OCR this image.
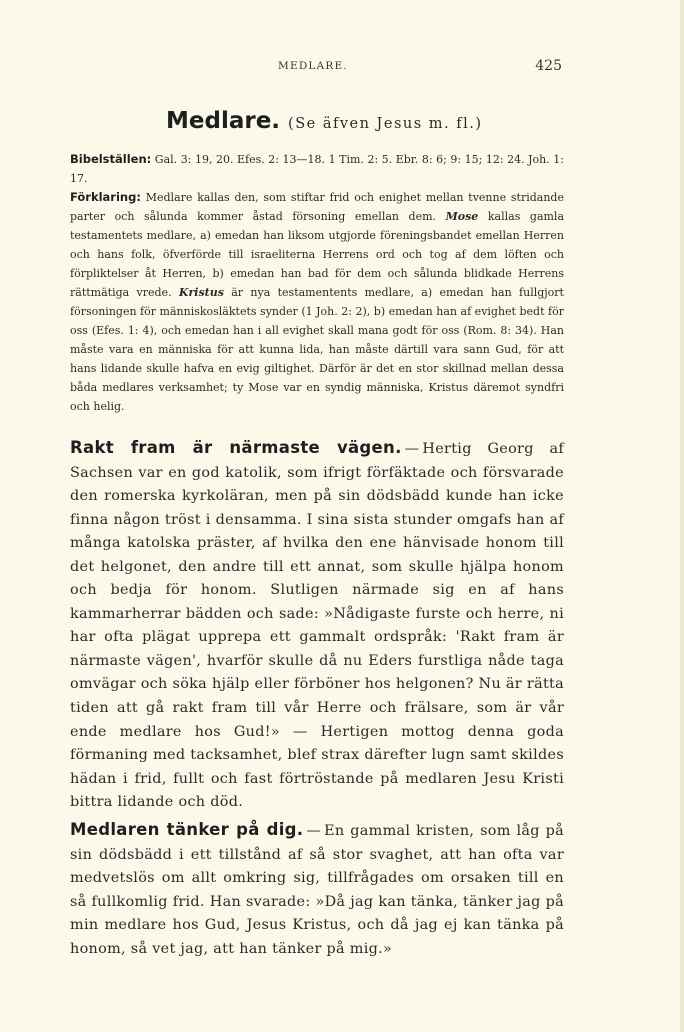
MEDLARE.	425
Medlare. (Se äfven Jesus m. fl.)

Bibelställen: Gal. 3: 19, 20. Efes. 2: 13—18. 1 Tim. 2: 5. Ebr. 8: 6; 9: 15; 12: 24. Joh. 1: 17.

Förklaring: Medlare kallas den, som stiftar frid och enighet mellan tvenne stridande parter och sålunda kommer åstad försoning emellan dem. Mose kallas gamla testamentets medlare, a) emedan han liksom utgjorde föreningsbandet emellan Herren och hans folk, öfverförde till israeliterna Herrens ord och tog af dem löften och förpliktelser åt Herren, b) emedan han bad för dem och sålunda blidkade Herrens rättmätiga vrede. Kristus är nya testamentents medlare, a) emedan han fullgjort försoningen för människosläktets synder (1 Joh. 2: 2), b) emedan han af evighet bedt för oss (Efes. 1: 4), och emedan han i all evighet skall mana godt för oss (Rom. 8: 34). Han måste vara en människa för att kunna lida, han måste därtill vara sann Gud, för att hans lidande skulle hafva en evig giltighet. Därför är det en stor skillnad mellan dessa båda medlares verksamhet; ty Mose var en syndig människa, Kristus däremot syndfri och helig.

Rakt fram är närmaste vägen. — Hertig Georg af Sachsen var en god katolik, som ifrigt förfäktade och försvarade den romerska kyrkoläran, men på sin dödsbädd kunde han icke finna någon tröst i densamma. I sina sista stunder omgafs han af många katolska präster, af hvilka den ene hänvisade honom till det helgonet, den andre till ett annat, som skulle hjälpa honom och bedja för honom. Slutligen närmade sig en af hans kammarherrar bädden och sade: »Nådigaste furste och herre, ni har ofta plägat upprepa ett gammalt ordspråk: 'Rakt fram är närmaste vägen', hvarför skulle då nu Eders furstliga nåde taga omvägar och söka hjälp eller förböner hos helgonen? Nu är rätta tiden att gå rakt fram till vår Herre och frälsare, som är vår ende medlare hos Gud!» — Hertigen mottog denna goda förmaning med tacksamhet, blef strax därefter lugn samt skildes hädan i frid, fullt och fast förtröstande på medlaren Jesu Kristi bittra lidande och död.

Medlaren tänker på dig. — En gammal kristen, som låg på sin dödsbädd i ett tillstånd af så stor svaghet, att han ofta var medvetslös om allt omkring sig, tillfrågades om orsaken till en så fullkomlig frid. Han svarade: »Då jag kan tänka, tänker jag på min medlare hos Gud, Jesus Kristus, och då jag ej kan tänka på honom, så vet jag, att han tänker på mig.»
